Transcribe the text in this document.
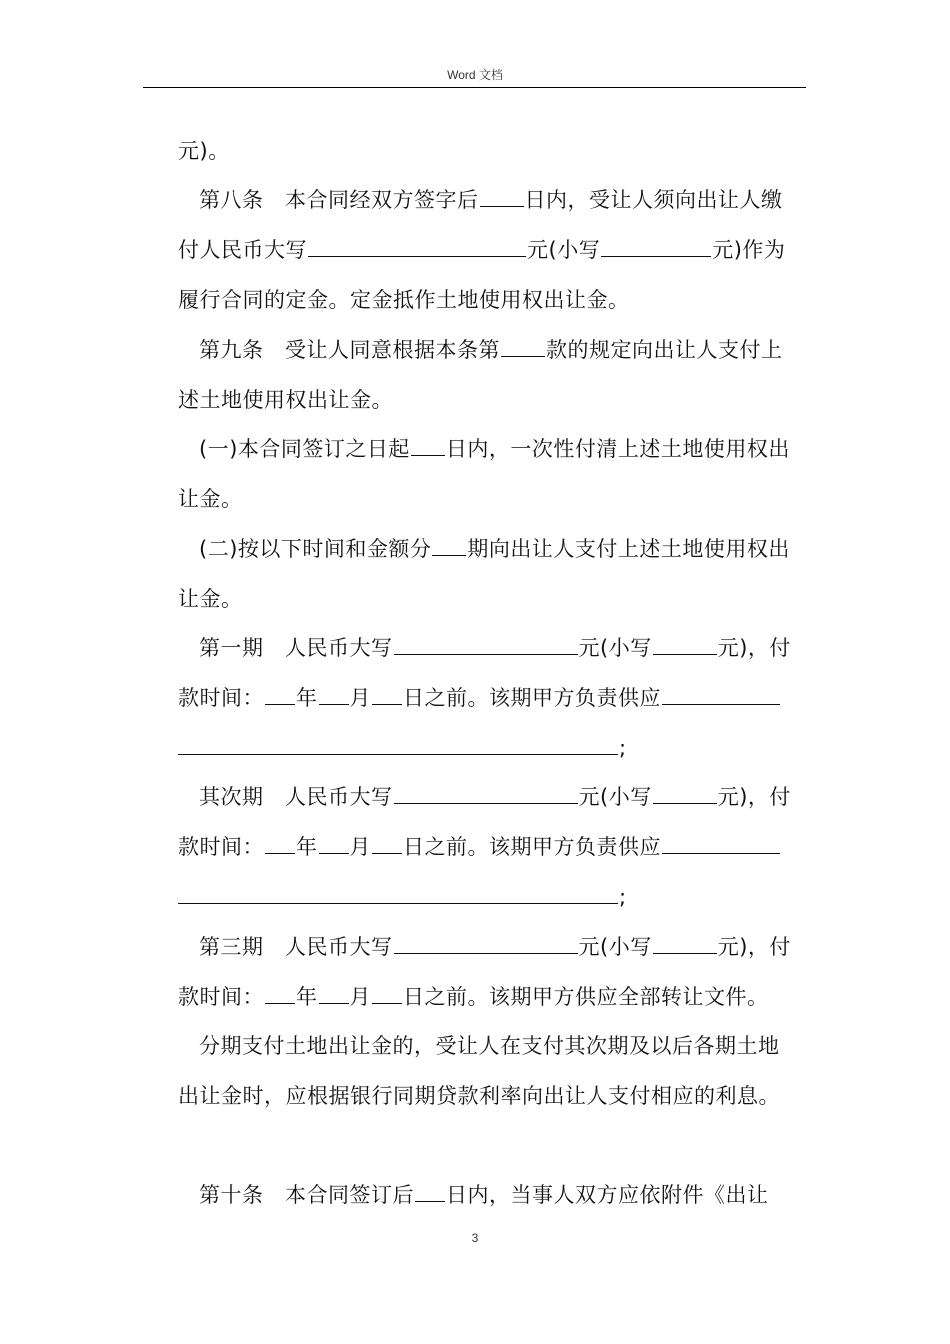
Word 文档
元)。
第八条　本合同经双方签字后 日内，受让人须向出让人缴
付人民币大写	元(小写	元)作为
履行合同的定金。定金抵作土地使用权出让金。
第九条　受让人同意根据本条第 款的规定向出让人支付上
述土地使用权出让金。
(一)本合同签订之日起 日内，一次性付清上述土地使用权出
让金。
(二)按以下时间和金额分 期向出让人支付上述土地使用权出
让金。
第一期　人民币大写	元(小写	元)，付
款时间： 年 月 日之前。该期甲方负责供应
;
其次期　人民币大写	元(小写	元)，付
款时间： 年 月 日之前。该期甲方负责供应
;
第三期　人民币大写	元(小写	元)，付
款时间： 年 月 日之前。该期甲方供应全部转让文件。
分期支付土地出让金的，受让人在支付其次期及以后各期土地
出让金时，应根据银行同期贷款利率向出让人支付相应的利息。
第十条　本合同签订后 日内，当事人双方应依附件《出让
3
